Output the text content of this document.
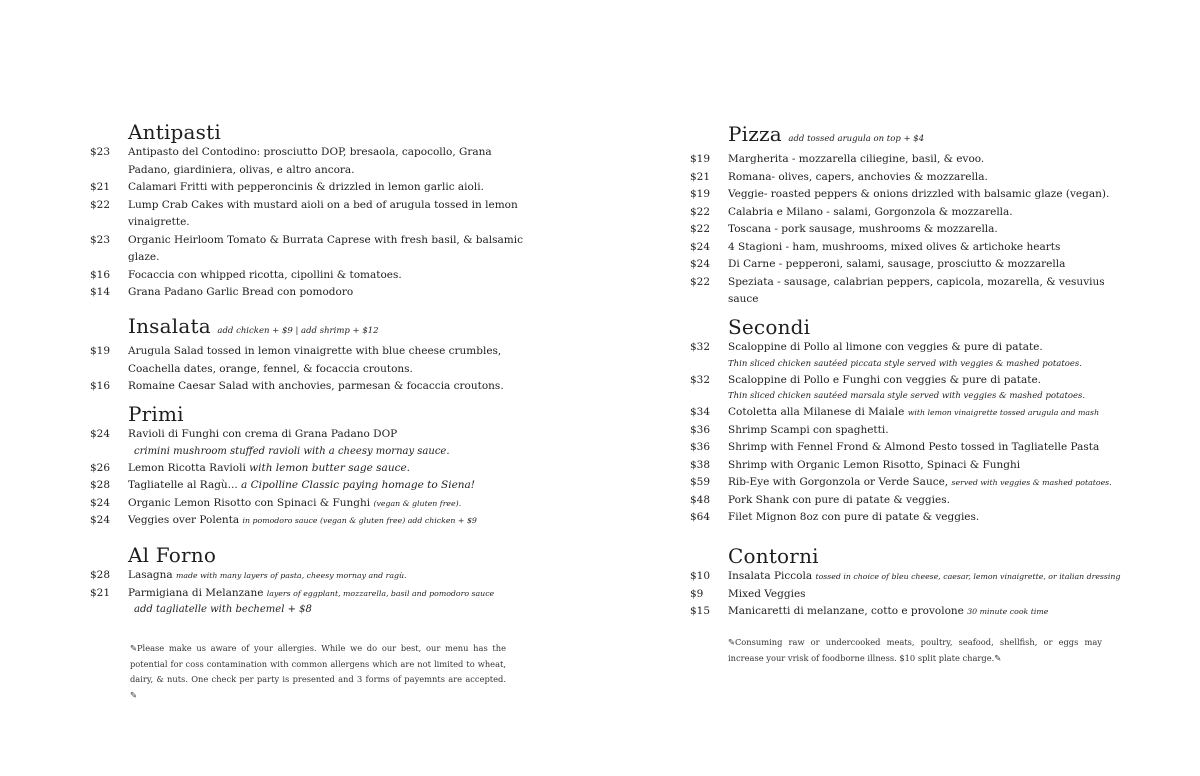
Antipasti
$23	Antipasto del Contodino: prosciutto DOP, bresaola, capocollo, Grana Padano, giardiniera, olivas, e altro ancora.
$21	Calamari Fritti with pepperoncinis & drizzled in lemon garlic aioli.
$22	Lump Crab Cakes with mustard aioli on a bed of arugula tossed in lemon vinaigrette.
$23	Organic Heirloom Tomato & Burrata Caprese with fresh basil, & balsamic glaze.
$16	Focaccia con whipped ricotta, cipollini & tomatoes.
$14	Grana Padano Garlic Bread con pomodoro
Insalata add chicken + $9 | add shrimp + $12
$19	Arugula Salad tossed in lemon vinaigrette with blue cheese crumbles, Coachella dates, orange, fennel, & focaccia croutons.
$16	Romaine Caesar Salad with anchovies, parmesan & focaccia croutons.
Primi
$24	Ravioli di Funghi con crema di Grana Padano DOP
crimini mushroom stuffed ravioli with a cheesy mornay sauce.
$26	Lemon Ricotta Ravioli with lemon butter sage sauce.
$28	Tagliatelle al Ragù... a Cipolline Classic paying homage to Siena!
$24	Organic Lemon Risotto con Spinaci & Funghi (vegan & gluten free).
$24	Veggies over Polenta in pomodoro sauce (vegan & gluten free) add chicken + $9
Al Forno
$28	Lasagna made with many layers of pasta, cheesy mornay and ragù.
$21	Parmigiana di Melanzane layers of eggplant, mozzarella, basil and pomodoro sauce
add tagliatelle with bechemel + $8
✎Please make us aware of your allergies. While we do our best, our menu has the potential for coss contamination with common allergens which are not limited to wheat, dairy, & nuts. One check per party is presented and 3 forms of payemnts are accepted. ✎
Pizza add tossed arugula on top + $4
$19	Margherita - mozzarella ciliegine, basil, & evoo.
$21	Romana- olives, capers, anchovies & mozzarella.
$19	Veggie- roasted peppers & onions drizzled with balsamic glaze (vegan).
$22	Calabria e Milano - salami, Gorgonzola & mozzarella.
$22	Toscana - pork sausage, mushrooms & mozzarella.
$24	4 Stagioni - ham, mushrooms, mixed olives & artichoke hearts
$24	Di Carne - pepperoni, salami, sausage, prosciutto & mozzarella
$22	Speziata - sausage, calabrian peppers, capicola, mozarella, & vesuvius sauce
Secondi
$32	Scaloppine di Pollo al limone con veggies & pure di patate.
Thin sliced chicken sautéed piccata style served with veggies & mashed potatoes.
$32	Scaloppine di Pollo e Funghi con veggies & pure di patate.
Thin sliced chicken sautéed marsala style served with veggies & mashed potatoes.
$34	Cotoletta alla Milanese di Maiale with lemon vinaigrette tossed arugula and mash
$36	Shrimp Scampi con spaghetti.
$36	Shrimp with Fennel Frond & Almond Pesto tossed in Tagliatelle Pasta
$38	Shrimp with Organic Lemon Risotto, Spinaci & Funghi
$59	Rib-Eye with Gorgonzola or Verde Sauce, served with veggies & mashed potatoes.
$48	Pork Shank con pure di patate & veggies.
$64	Filet Mignon 8oz con pure di patate & veggies.
Contorni
$10	Insalata Piccola tossed in choice of bleu cheese, caesar, lemon vinaigrette, or italian dressing
$9	Mixed Veggies
$15	Manicaretti di melanzane, cotto e provolone 30 minute cook time
✎Consuming raw or undercooked meats, poultry, seafood, shellfish, or eggs may increase your vrisk of foodborne illness. $10 split plate charge.✎
